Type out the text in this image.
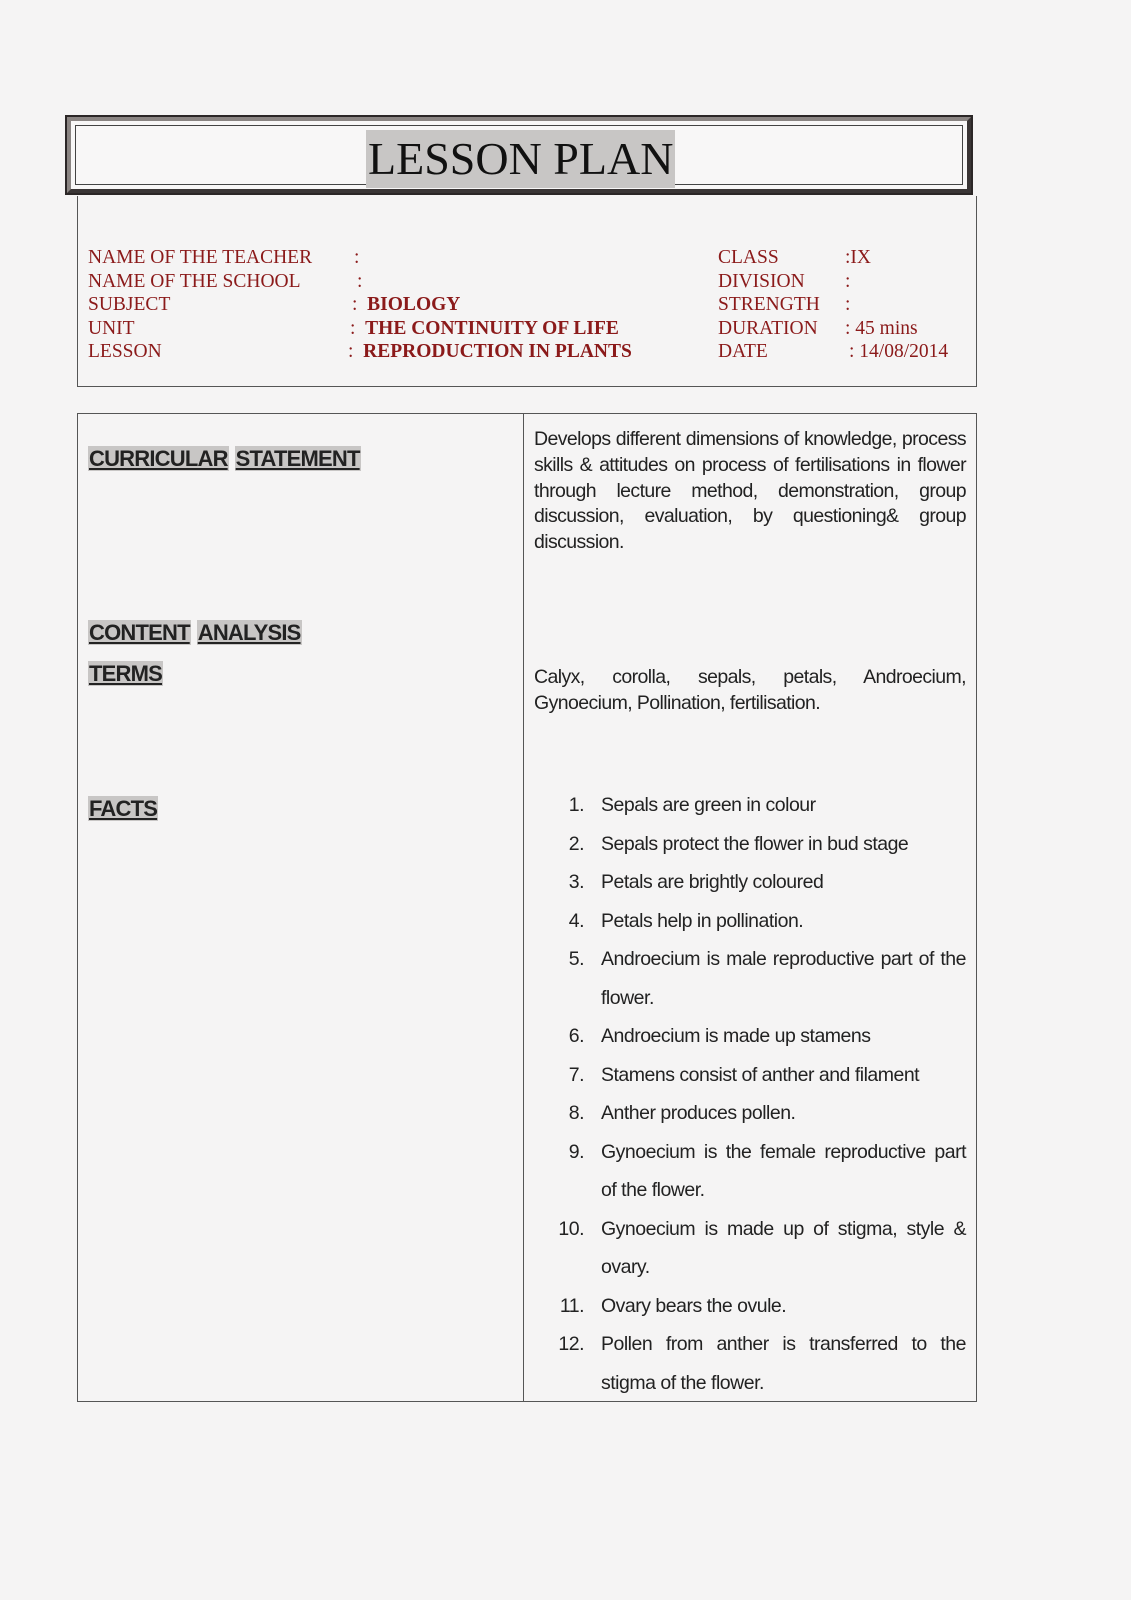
LESSON PLAN
NAME OF THE TEACHER
NAME OF THE SCHOOL
SUBJECT
UNIT
LESSON
:
:
: BIOLOGY
: THE CONTINUITY OF LIFE
: REPRODUCTION IN PLANTS
CLASS
DIVISION
STRENGTH
DURATION
DATE
:IX
:
:
: 45 mins
: 14/08/2014
CURRICULAR STATEMENT
Develops different dimensions of knowledge, process skills & attitudes on process of fertilisations in flower through lecture method, demonstration, group discussion, evaluation, by questioning& group discussion.
CONTENT ANALYSIS
TERMS	Calyx, corolla, sepals, petals, Androecium, Gynoecium, Pollination, fertilisation.
FACTS	1. Sepals are green in colour
2. Sepals protect the flower in bud stage
3. Petals are brightly coloured
4. Petals help in pollination.
5. Androecium is male reproductive part of the flower.
6. Androecium is made up stamens
7. Stamens consist of anther and filament
8. Anther produces pollen.
9. Gynoecium is the female reproductive part of the flower.
10. Gynoecium is made up of stigma, style & ovary.
11. Ovary bears the ovule.
12. Pollen from anther is transferred to the stigma of the flower.
